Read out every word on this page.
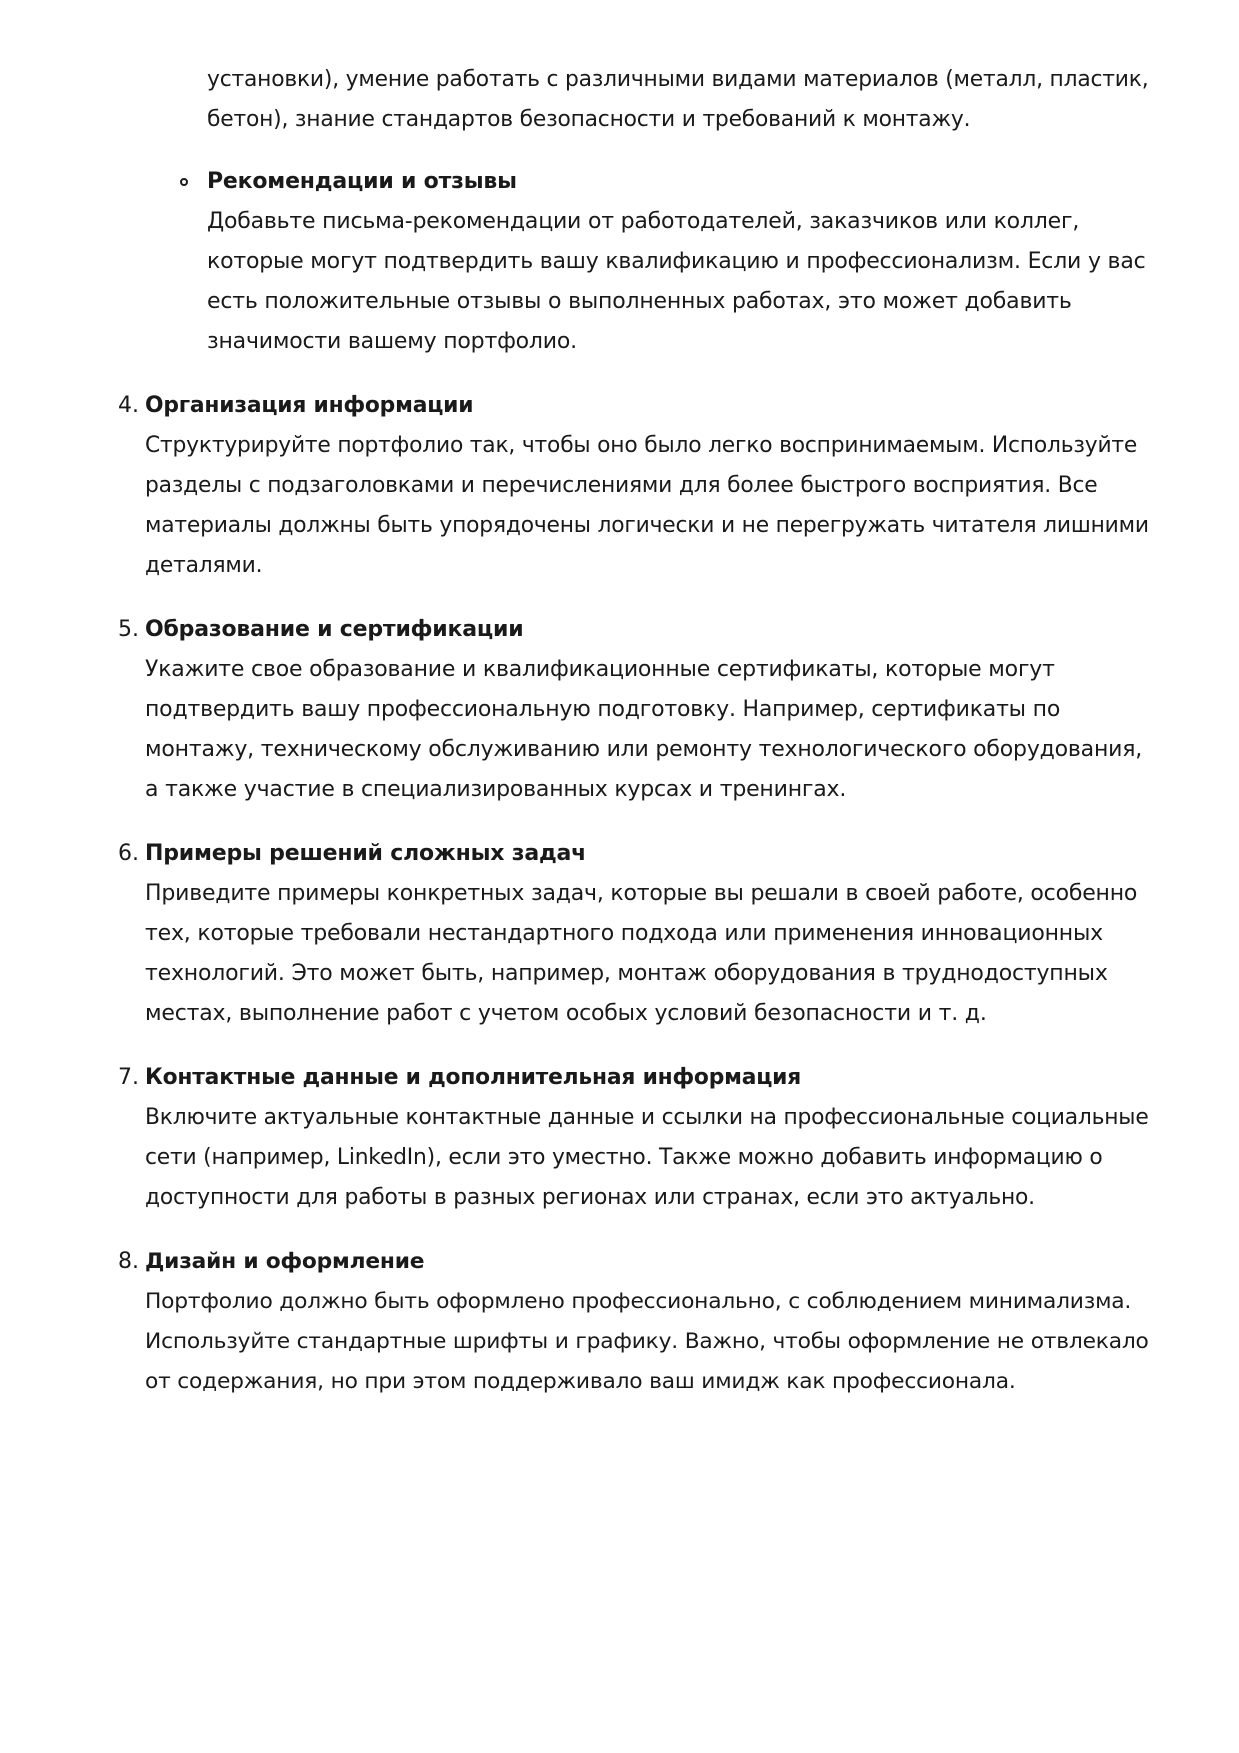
установки), умение работать с различными видами материалов (металл, пластик,
бетон), знание стандартов безопасности и требований к монтажу.
Рекомендации и отзывы
Добавьте письма-рекомендации от работодателей, заказчиков или коллег,
которые могут подтвердить вашу квалификацию и профессионализм. Если у вас
есть положительные отзывы о выполненных работах, это может добавить
значимости вашему портфолио.
4. Организация информации
Структурируйте портфолио так, чтобы оно было легко воспринимаемым. Используйте
разделы с подзаголовками и перечислениями для более быстрого восприятия. Все
материалы должны быть упорядочены логически и не перегружать читателя лишними
деталями.
5. Образование и сертификации
Укажите свое образование и квалификационные сертификаты, которые могут
подтвердить вашу профессиональную подготовку. Например, сертификаты по
монтажу, техническому обслуживанию или ремонту технологического оборудования,
а также участие в специализированных курсах и тренингах.
6. Примеры решений сложных задач
Приведите примеры конкретных задач, которые вы решали в своей работе, особенно
тех, которые требовали нестандартного подхода или применения инновационных
технологий. Это может быть, например, монтаж оборудования в труднодоступных
местах, выполнение работ с учетом особых условий безопасности и т. д.
7. Контактные данные и дополнительная информация
Включите актуальные контактные данные и ссылки на профессиональные социальные
сети (например, LinkedIn), если это уместно. Также можно добавить информацию о
доступности для работы в разных регионах или странах, если это актуально.
8. Дизайн и оформление
Портфолио должно быть оформлено профессионально, с соблюдением минимализма.
Используйте стандартные шрифты и графику. Важно, чтобы оформление не отвлекало
от содержания, но при этом поддерживало ваш имидж как профессионала.
